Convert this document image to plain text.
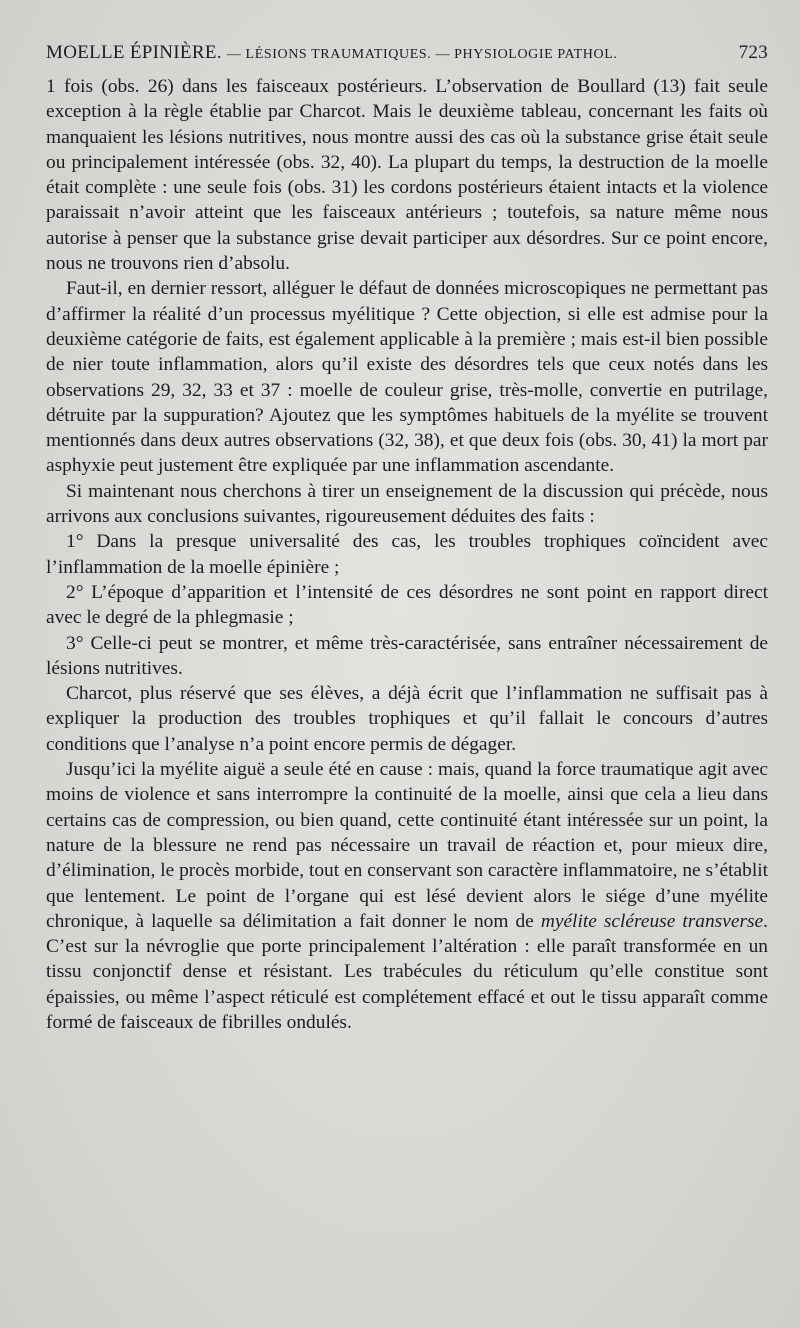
MOELLE ÉPINIÈRE. — LÉSIONS TRAUMATIQUES. — PHYSIOLOGIE PATHOL.	723

1 fois (obs. 26) dans les faisceaux postérieurs. L’observation de Boullard (13) fait seule exception à la règle établie par Charcot. Mais le deuxième tableau, concernant les faits où manquaient les lésions nutritives, nous montre aussi des cas où la substance grise était seule ou principalement intéressée (obs. 32, 40). La plupart du temps, la destruction de la moelle était complète : une seule fois (obs. 31) les cordons postérieurs étaient intacts et la violence paraissait n’avoir atteint que les faisceaux antérieurs ; toutefois, sa nature même nous autorise à penser que la substance grise devait participer aux désordres. Sur ce point encore, nous ne trouvons rien d’absolu.

Faut-il, en dernier ressort, alléguer le défaut de données microscopiques ne permettant pas d’affirmer la réalité d’un processus myélitique ? Cette objection, si elle est admise pour la deuxième catégorie de faits, est également applicable à la première ; mais est-il bien possible de nier toute inflammation, alors qu’il existe des désordres tels que ceux notés dans les observations 29, 32, 33 et 37 : moelle de couleur grise, très-molle, convertie en putrilage, détruite par la suppuration? Ajoutez que les symptômes habituels de la myélite se trouvent mentionnés dans deux autres observations (32, 38), et que deux fois (obs. 30, 41) la mort par asphyxie peut justement être expliquée par une inflammation ascendante.

Si maintenant nous cherchons à tirer un enseignement de la discussion qui précède, nous arrivons aux conclusions suivantes, rigoureusement déduites des faits :

1° Dans la presque universalité des cas, les troubles trophiques coïncident avec l’inflammation de la moelle épinière ;

2° L’époque d’apparition et l’intensité de ces désordres ne sont point en rapport direct avec le degré de la phlegmasie ;

3° Celle-ci peut se montrer, et même très-caractérisée, sans entraîner nécessairement de lésions nutritives.

Charcot, plus réservé que ses élèves, a déjà écrit que l’inflammation ne suffisait pas à expliquer la production des troubles trophiques et qu’il fallait le concours d’autres conditions que l’analyse n’a point encore permis de dégager.

Jusqu’ici la myélite aiguë a seule été en cause : mais, quand la force traumatique agit avec moins de violence et sans interrompre la continuité de la moelle, ainsi que cela a lieu dans certains cas de compression, ou bien quand, cette continuité étant intéressée sur un point, la nature de la blessure ne rend pas nécessaire un travail de réaction et, pour mieux dire, d’élimination, le procès morbide, tout en conservant son caractère inflammatoire, ne s’établit que lentement. Le point de l’organe qui est lésé devient alors le siége d’une myélite chronique, à laquelle sa délimitation a fait donner le nom de myélite scléreuse transverse. C’est sur la névroglie que porte principalement l’altération : elle paraît transformée en un tissu conjonctif dense et résistant. Les trabécules du réticulum qu’elle constitue sont épaissies, ou même l’aspect réticulé est complétement effacé et out le tissu apparaît comme formé de faisceaux de fibrilles ondulés.
